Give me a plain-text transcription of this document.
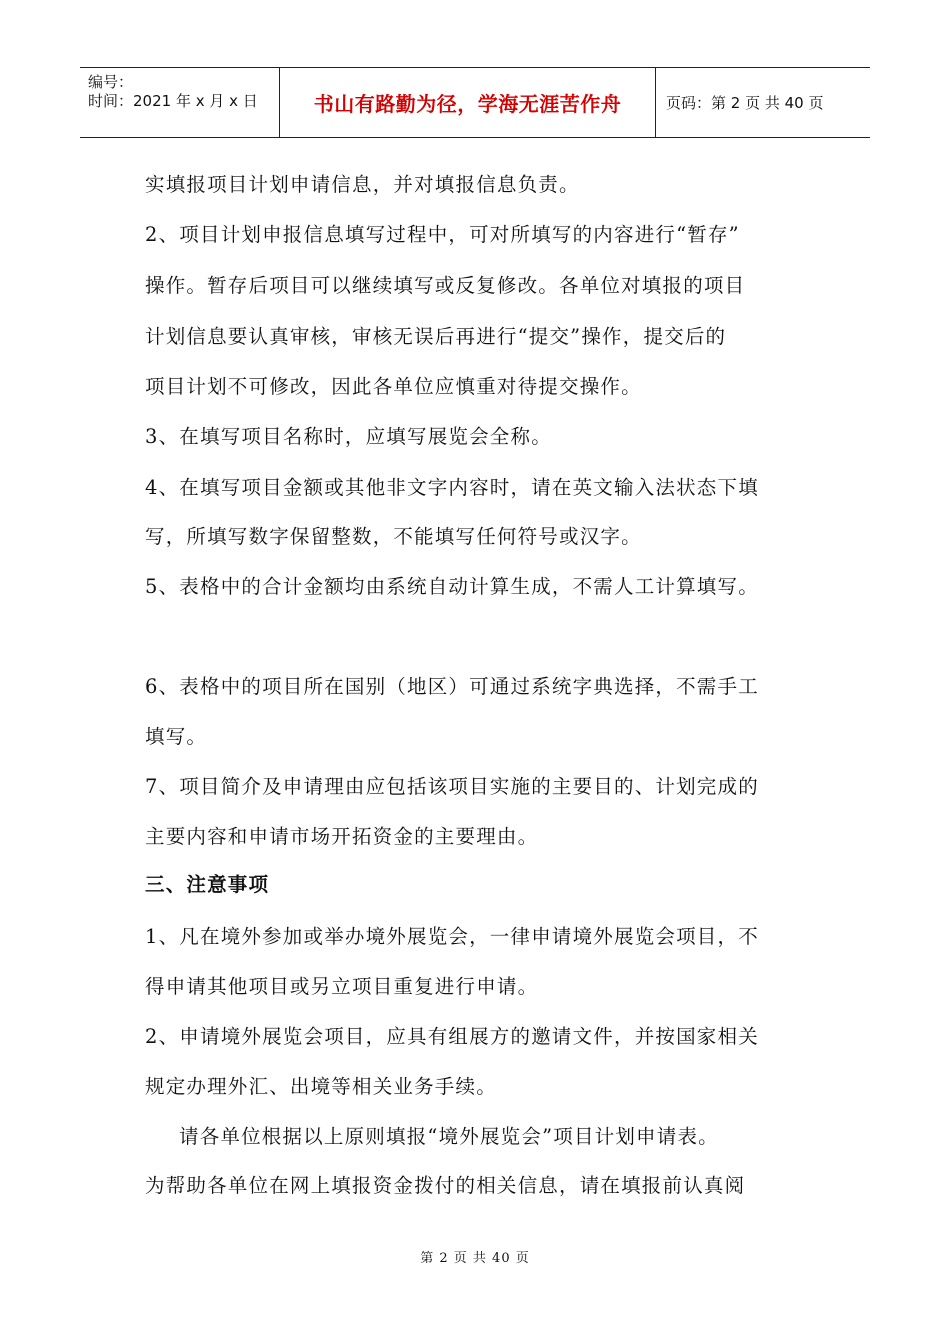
编号：
时间：2021 年 x 月 x 日	书山有路勤为径，学海无涯苦作舟	页码：第 2 页 共 40 页
实填报项目计划申请信息，并对填报信息负责。
2、项目计划申报信息填写过程中，可对所填写的内容进行“暂存”
操作。暂存后项目可以继续填写或反复修改。各单位对填报的项目
计划信息要认真审核，审核无误后再进行“提交”操作，提交后的
项目计划不可修改，因此各单位应慎重对待提交操作。
3、在填写项目名称时，应填写展览会全称。
4、在填写项目金额或其他非文字内容时，请在英文输入法状态下填
写，所填写数字保留整数，不能填写任何符号或汉字。
5、表格中的合计金额均由系统自动计算生成，不需人工计算填写。
6、表格中的项目所在国别（地区）可通过系统字典选择，不需手工
填写。
7、项目简介及申请理由应包括该项目实施的主要目的、计划完成的
主要内容和申请市场开拓资金的主要理由。
三、注意事项
1、凡在境外参加或举办境外展览会，一律申请境外展览会项目，不
得申请其他项目或另立项目重复进行申请。
2、申请境外展览会项目，应具有组展方的邀请文件，并按国家相关
规定办理外汇、出境等相关业务手续。
请各单位根据以上原则填报“境外展览会”项目计划申请表。
为帮助各单位在网上填报资金拨付的相关信息，请在填报前认真阅
第 2 页 共 40 页
